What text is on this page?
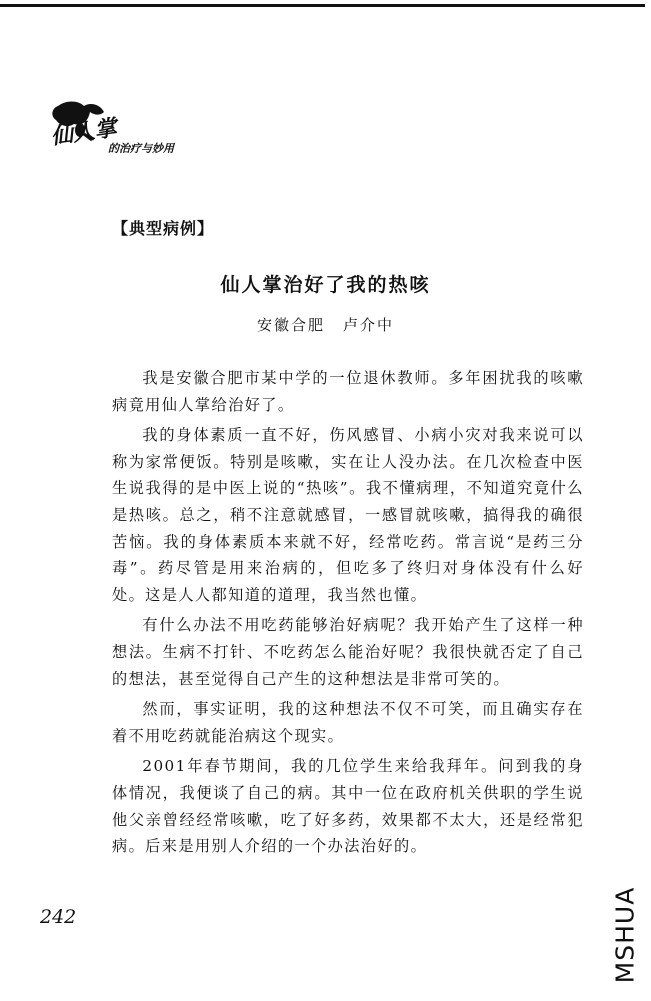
仙人掌
的治疗与妙用
【典型病例】
仙人掌治好了我的热咳
安徽合肥 卢介中

我是安徽合肥市某中学的一位退休教师。多年困扰我的咳嗽病竟用仙人掌给治好了。

我的身体素质一直不好，伤风感冒、小病小灾对我来说可以称为家常便饭。特别是咳嗽，实在让人没办法。在几次检查中医生说我得的是中医上说的“热咳”。我不懂病理，不知道究竟什么是热咳。总之，稍不注意就感冒，一感冒就咳嗽，搞得我的确很苦恼。我的身体素质本来就不好，经常吃药。常言说“是药三分毒”。药尽管是用来治病的，但吃多了终归对身体没有什么好处。这是人人都知道的道理，我当然也懂。

有什么办法不用吃药能够治好病呢？我开始产生了这样一种想法。生病不打针、不吃药怎么能治好呢？我很快就否定了自己的想法，甚至觉得自己产生的这种想法是非常可笑的。

然而，事实证明，我的这种想法不仅不可笑，而且确实存在着不用吃药就能治病这个现实。

2001年春节期间，我的几位学生来给我拜年。问到我的身体情况，我便谈了自己的病。其中一位在政府机关供职的学生说他父亲曾经经常咳嗽，吃了好多药，效果都不太大，还是经常犯病。后来是用别人介绍的一个办法治好的。

242	MSHUA
